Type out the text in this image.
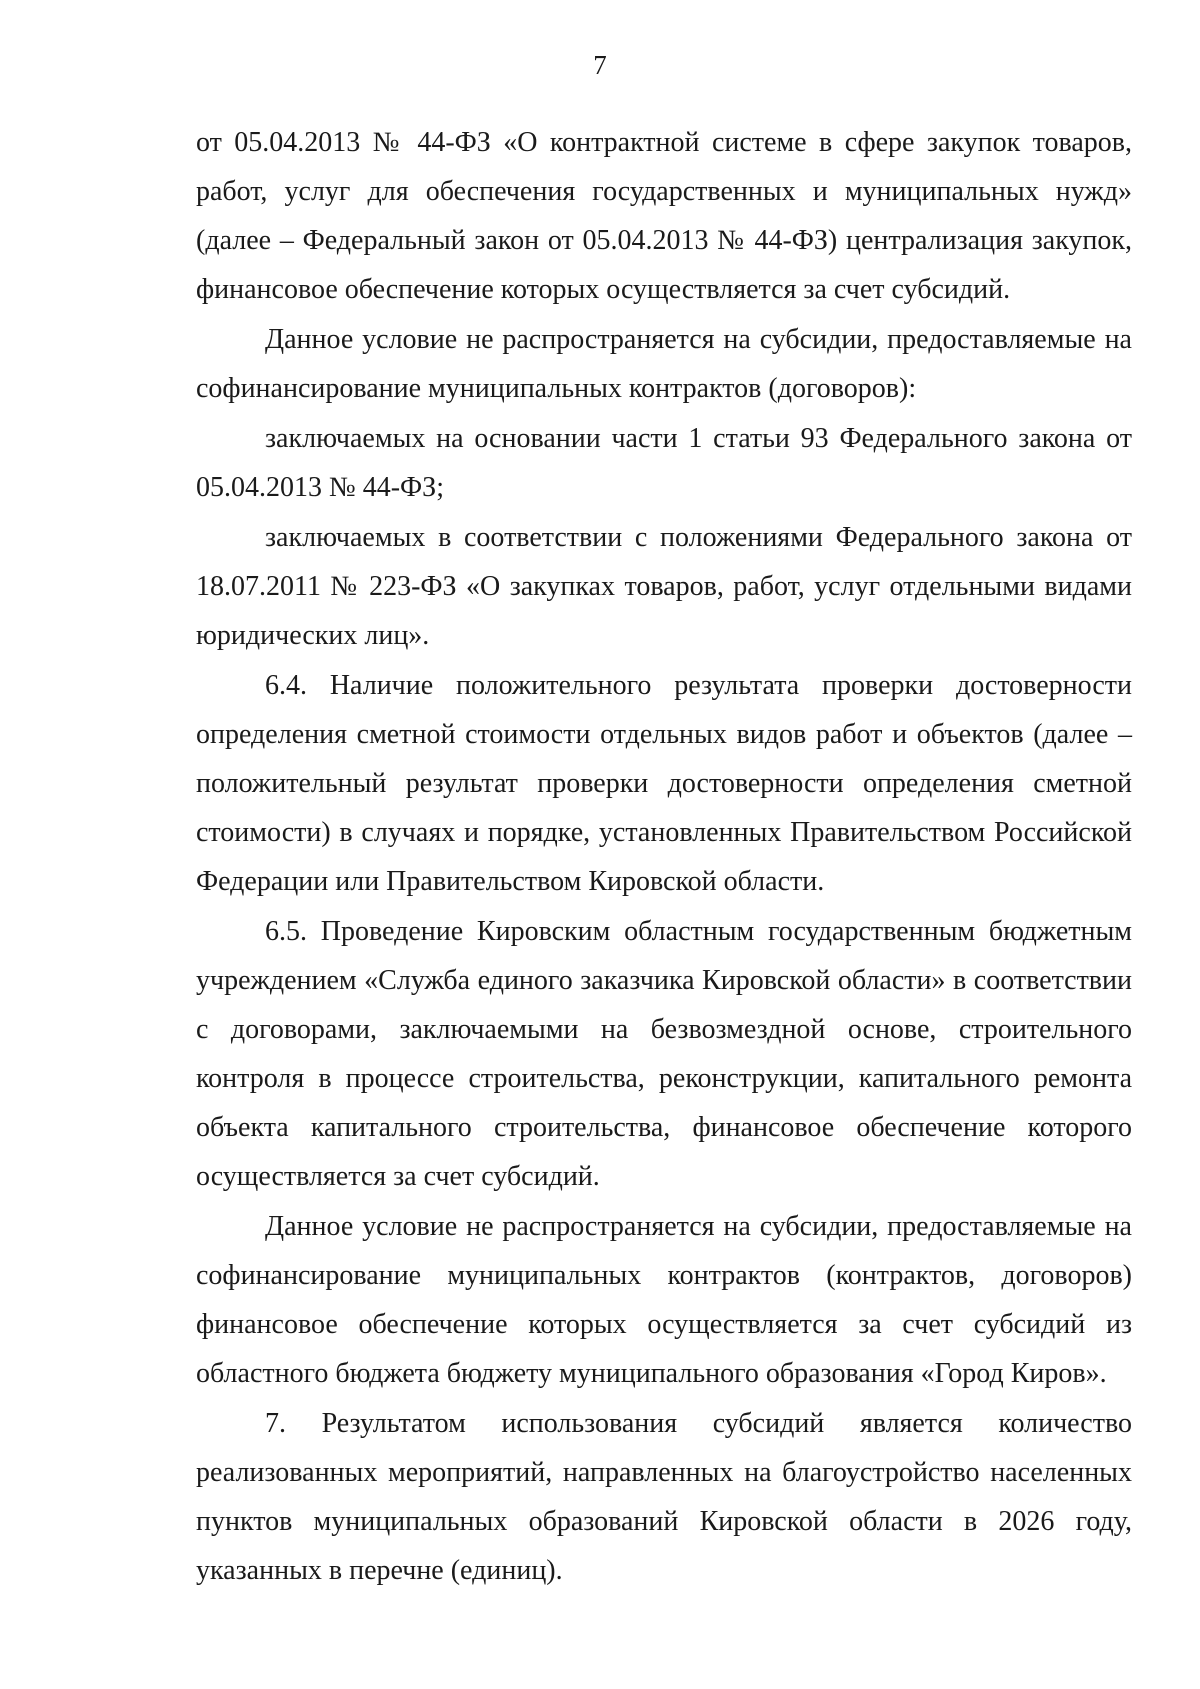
7

от 05.04.2013 № 44-ФЗ «О контрактной системе в сфере закупок товаров, работ, услуг для обеспечения государственных и муниципальных нужд» (далее – Федеральный закон от 05.04.2013 № 44-ФЗ) централизация закупок, финансовое обеспечение которых осуществляется за счет субсидий.

Данное условие не распространяется на субсидии, предоставляемые на софинансирование муниципальных контрактов (договоров):

заключаемых на основании части 1 статьи 93 Федерального закона от 05.04.2013 № 44-ФЗ;

заключаемых в соответствии с положениями Федерального закона от 18.07.2011 № 223-ФЗ «О закупках товаров, работ, услуг отдельными видами юридических лиц».

6.4. Наличие положительного результата проверки достоверности определения сметной стоимости отдельных видов работ и объектов (далее – положительный результат проверки достоверности определения сметной стоимости) в случаях и порядке, установленных Правительством Российской Федерации или Правительством Кировской области.

6.5. Проведение Кировским областным государственным бюджетным учреждением «Служба единого заказчика Кировской области» в соответствии с договорами, заключаемыми на безвозмездной основе, строительного контроля в процессе строительства, реконструкции, капитального ремонта объекта капитального строительства, финансовое обеспечение которого осуществляется за счет субсидий.

Данное условие не распространяется на субсидии, предоставляемые на софинансирование муниципальных контрактов (контрактов, договоров) финансовое обеспечение которых осуществляется за счет субсидий из областного бюджета бюджету муниципального образования «Город Киров».

7. Результатом использования субсидий является количество реализованных мероприятий, направленных на благоустройство населенных пунктов муниципальных образований Кировской области в 2026 году, указанных в перечне (единиц).
